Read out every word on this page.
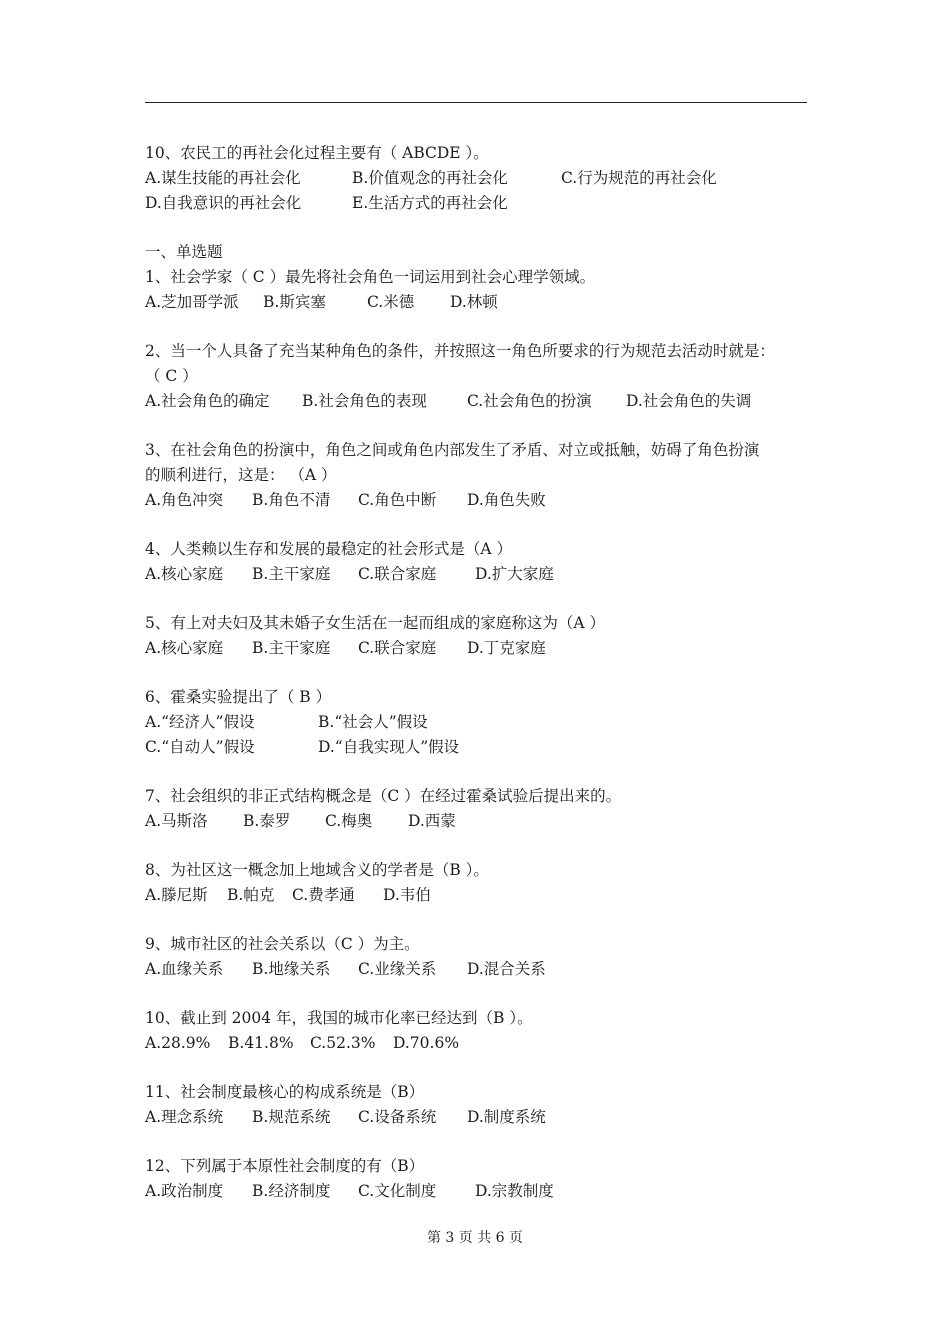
10、农民工的再社会化过程主要有（ ABCDE ）。
A.谋生技能的再社会化	B.价值观念的再社会化	C.行为规范的再社会化
D.自我意识的再社会化	E.生活方式的再社会化
一、单选题
1、社会学家（ C ）最先将社会角色一词运用到社会心理学领域。
A.芝加哥学派 B.斯宾塞	C.米德 D.林顿
2、当一个人具备了充当某种角色的条件，并按照这一角色所要求的行为规范去活动时就是：
（ C ）
A.社会角色的确定 B.社会角色的表现	C.社会角色的扮演 D.社会角色的失调
3、在社会角色的扮演中，角色之间或角色内部发生了矛盾、对立或抵触，妨碍了角色扮演
的顺利进行，这是： （A ）
A.角色冲突 B.角色不清 C.角色中断 D.角色失败
4、人类赖以生存和发展的最稳定的社会形式是（A ）
A.核心家庭 B.主干家庭 C.联合家庭	D.扩大家庭
5、有上对夫妇及其未婚子女生活在一起而组成的家庭称这为（A ）
A.核心家庭 B.主干家庭 C.联合家庭 D.丁克家庭
6、霍桑实验提出了（ B ）
A.“经济人”假设	B.“社会人”假设
C.“自动人”假设	D.“自我实现人”假设
7、社会组织的非正式结构概念是（C ）在经过霍桑试验后提出来的。
A.马斯洛 B.泰罗 C.梅奥 D.西蒙
8、为社区这一概念加上地域含义的学者是（B ）。
A.滕尼斯 B.帕克 C.费孝通 D.韦伯
9、城市社区的社会关系以（C ）为主。
A.血缘关系 B.地缘关系 C.业缘关系 D.混合关系
10、截止到 2004 年，我国的城市化率已经达到（B ）。
A.28.9% B.41.8% C.52.3% D.70.6%
11、社会制度最核心的构成系统是（B）
A.理念系统 B.规范系统 C.设备系统 D.制度系统
12、下列属于本原性社会制度的有（B）
A.政治制度 B.经济制度 C.文化制度	D.宗教制度
第 3 页 共 6 页
